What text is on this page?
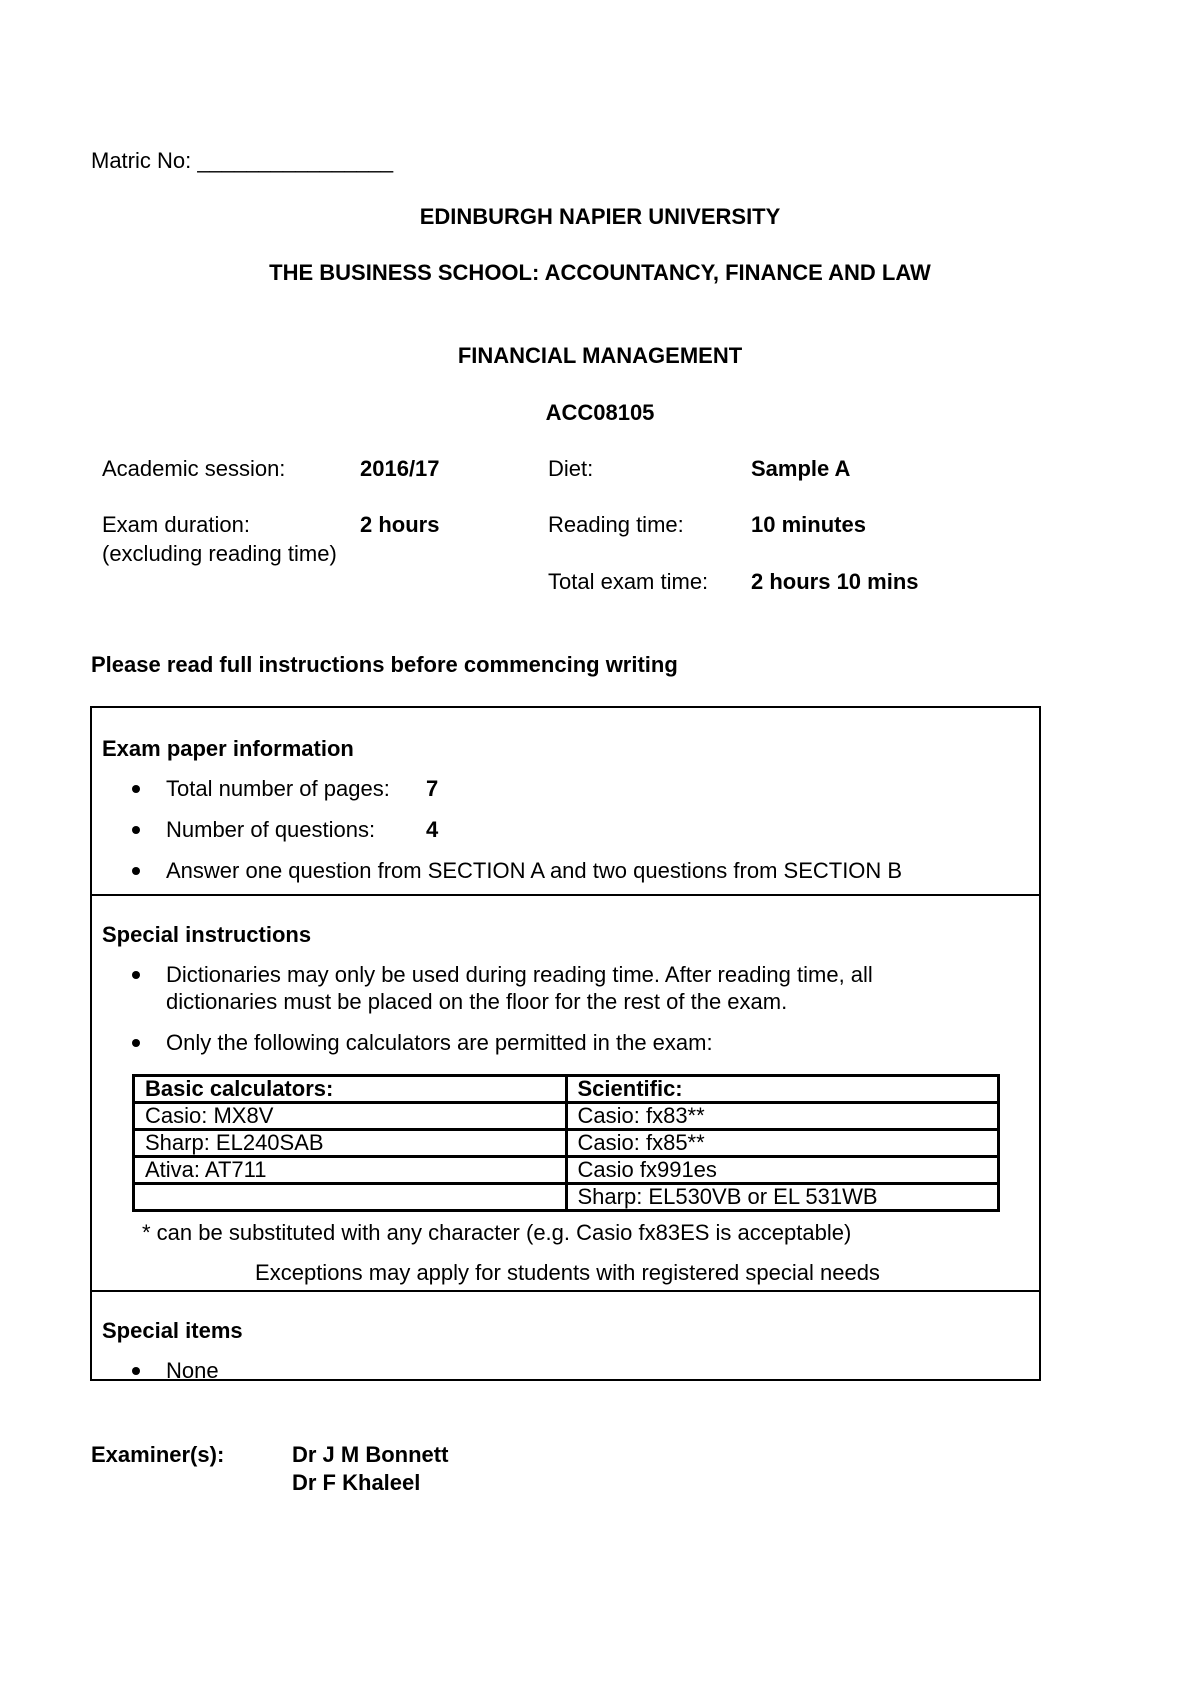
Matric No: ________________
EDINBURGH NAPIER UNIVERSITY
THE BUSINESS SCHOOL: ACCOUNTANCY, FINANCE AND LAW
FINANCIAL MANAGEMENT
ACC08105
Academic session:	2016/17	Diet:	Sample A
Exam duration:	2 hours	Reading time:	10 minutes
(excluding reading time)
Total exam time: 2 hours 10 mins
Please read full instructions before commencing writing
Exam paper information
Total number of pages: 7
Number of questions: 4
Answer one question from SECTION A and two questions from SECTION B
Special instructions
Dictionaries may only be used during reading time. After reading time, all
dictionaries must be placed on the floor for the rest of the exam.
Only the following calculators are permitted in the exam:
Basic calculators:	Scientific:
Casio: MX8V	Casio: fx83**
Sharp: EL240SAB	Casio: fx85**
Ativa: AT711	Casio fx991es
	Sharp: EL530VB or EL 531WB
* can be substituted with any character (e.g. Casio fx83ES is acceptable)
Exceptions may apply for students with registered special needs
Special items
None
Examiner(s):	Dr J M Bonnett
Dr F Khaleel
